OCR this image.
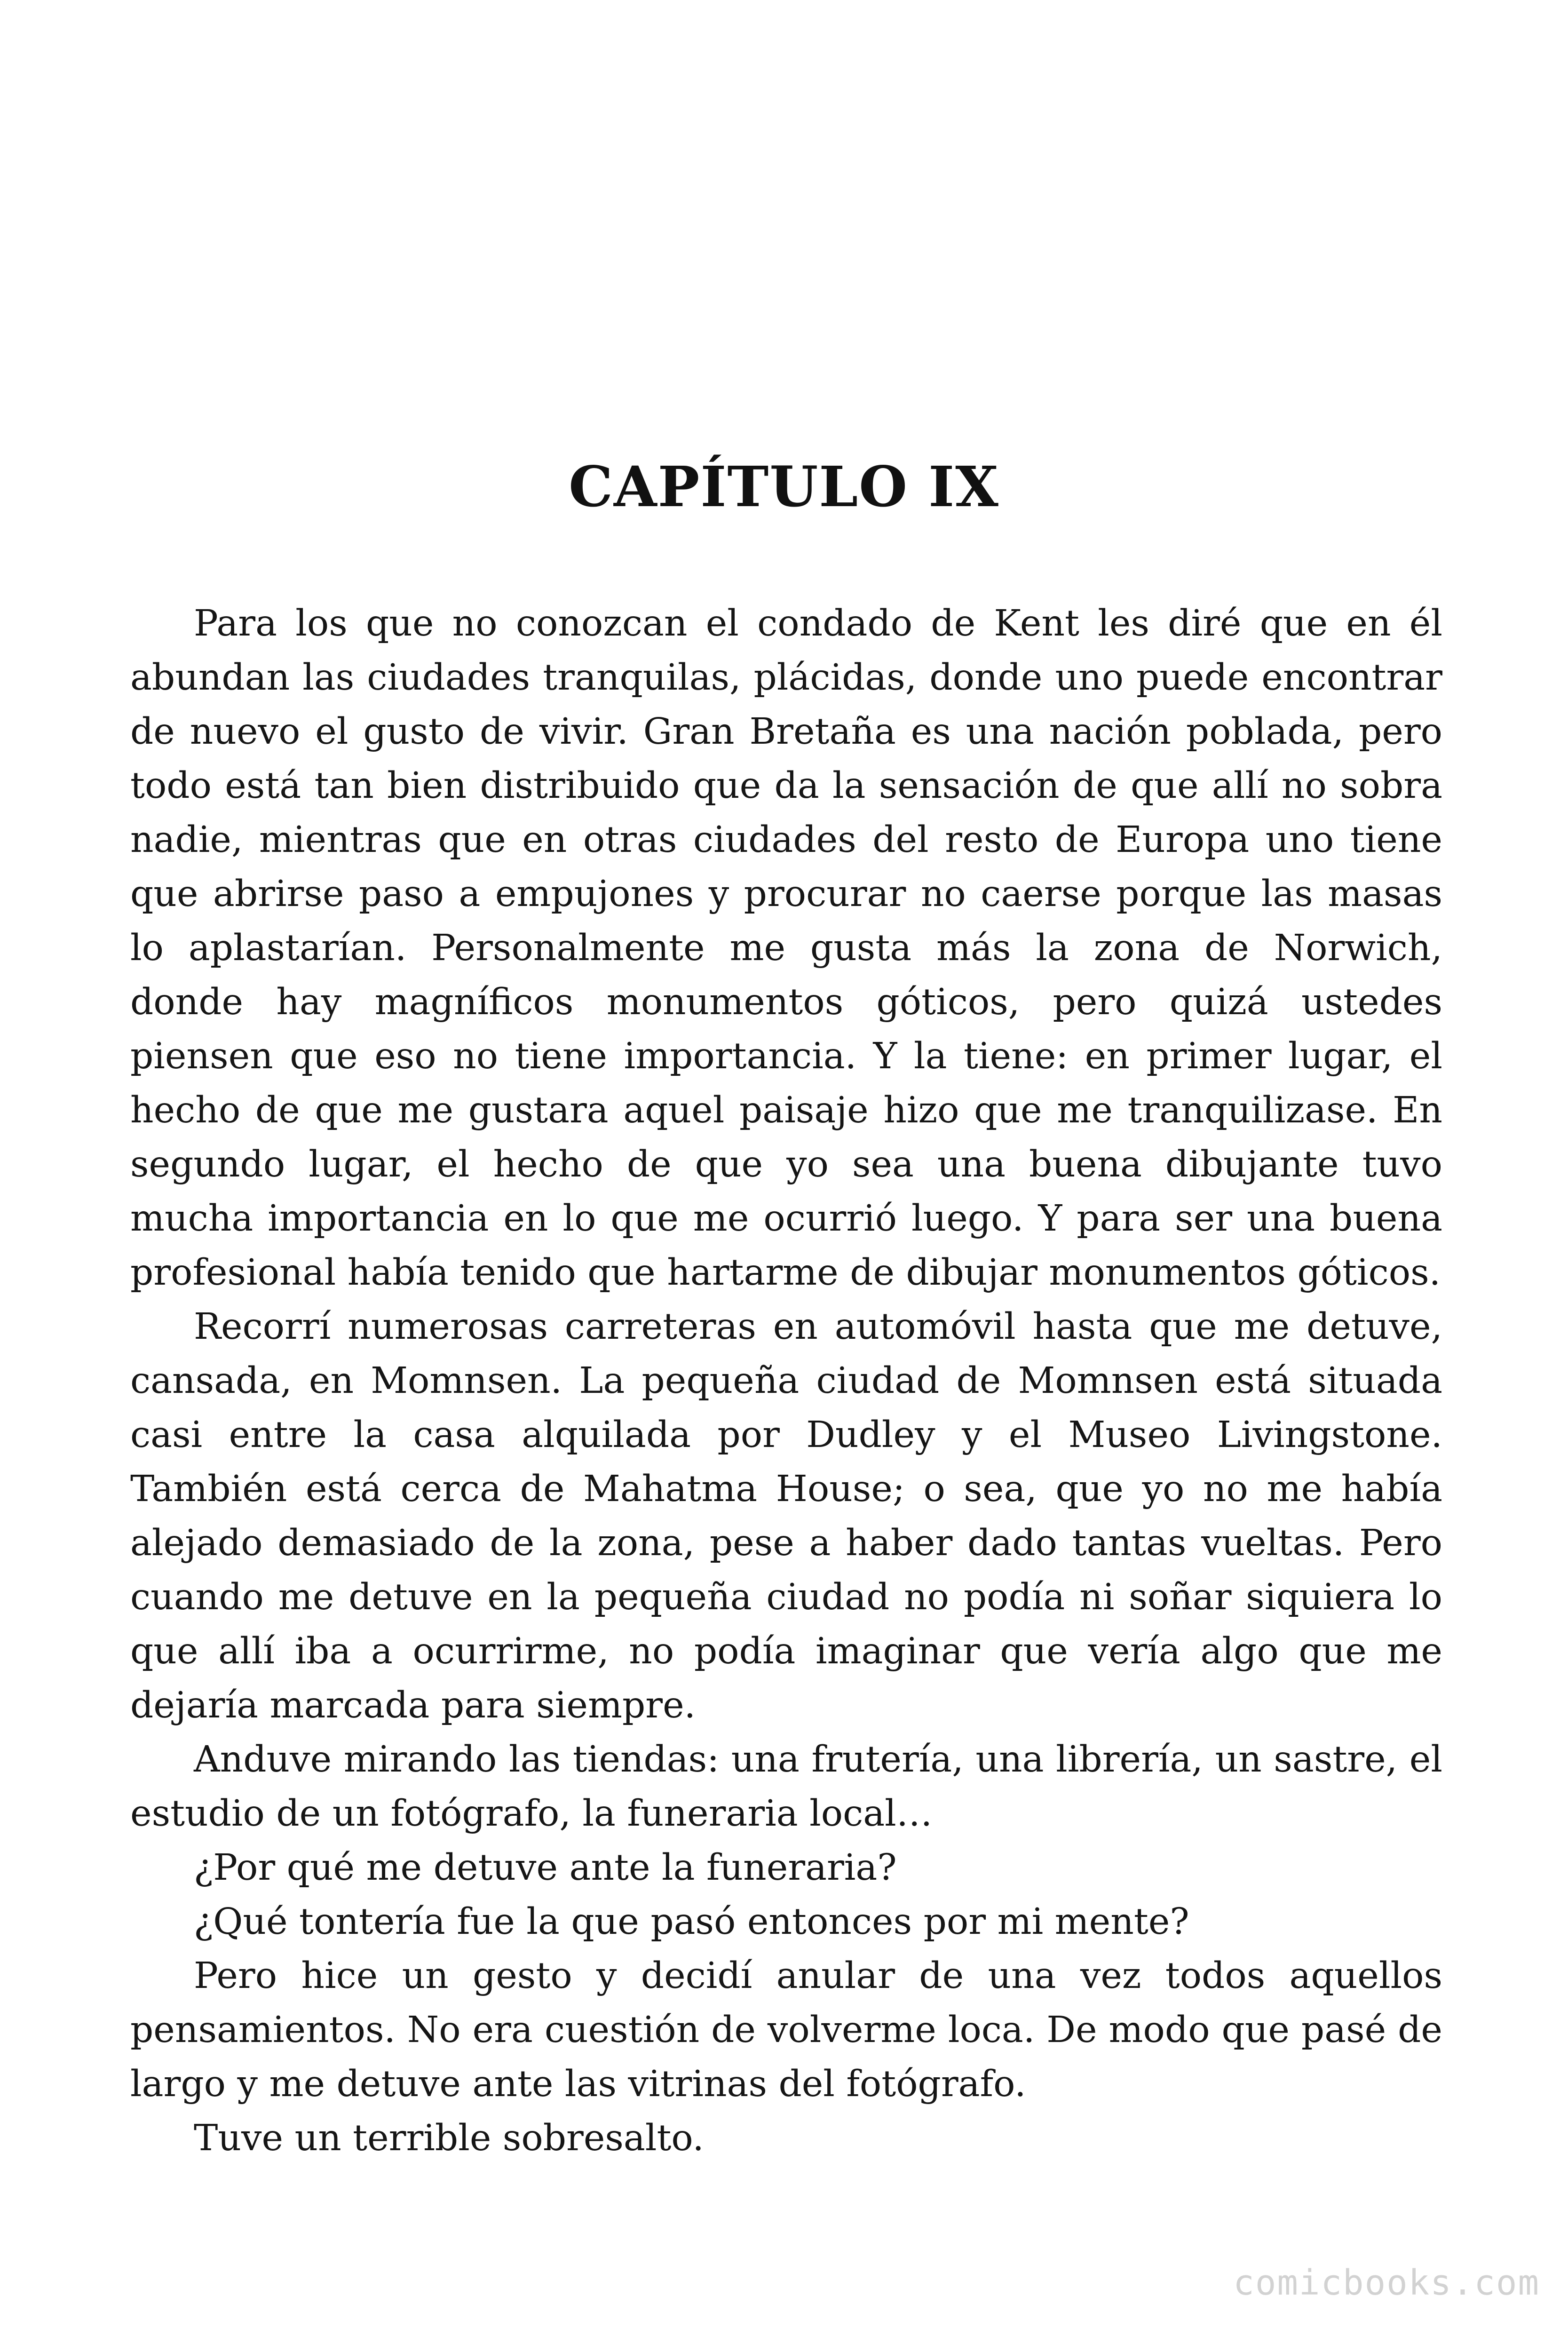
CAPÍTULO IX

Para los que no conozcan el condado de Kent les diré que en él abundan las ciudades tranquilas, plácidas, donde uno puede encontrar de nuevo el gusto de vivir. Gran Bretaña es una nación poblada, pero todo está tan bien distribuido que da la sensación de que allí no sobra nadie, mientras que en otras ciudades del resto de Europa uno tiene que abrirse paso a empujones y procurar no caerse porque las masas lo aplastarían. Personalmente me gusta más la zona de Norwich, donde hay magníficos monumentos góticos, pero quizá ustedes piensen que eso no tiene importancia. Y la tiene: en primer lugar, el hecho de que me gustara aquel paisaje hizo que me tranquilizase. En segundo lugar, el hecho de que yo sea una buena dibujante tuvo mucha importancia en lo que me ocurrió luego. Y para ser una buena profesional había tenido que hartarme de dibujar monumentos góticos.

Recorrí numerosas carreteras en automóvil hasta que me detuve, cansada, en Momnsen. La pequeña ciudad de Momnsen está situada casi entre la casa alquilada por Dudley y el Museo Livingstone. También está cerca de Mahatma House; o sea, que yo no me había alejado demasiado de la zona, pese a haber dado tantas vueltas. Pero cuando me detuve en la pequeña ciudad no podía ni soñar siquiera lo que allí iba a ocurrirme, no podía imaginar que vería algo que me dejaría marcada para siempre.

Anduve mirando las tiendas: una frutería, una librería, un sastre, el estudio de un fotógrafo, la funeraria local…

¿Por qué me detuve ante la funeraria?

¿Qué tontería fue la que pasó entonces por mi mente?

Pero hice un gesto y decidí anular de una vez todos aquellos pensamientos. No era cuestión de volverme loca. De modo que pasé de largo y me detuve ante las vitrinas del fotógrafo.

Tuve un terrible sobresalto.

comicbooks.com
